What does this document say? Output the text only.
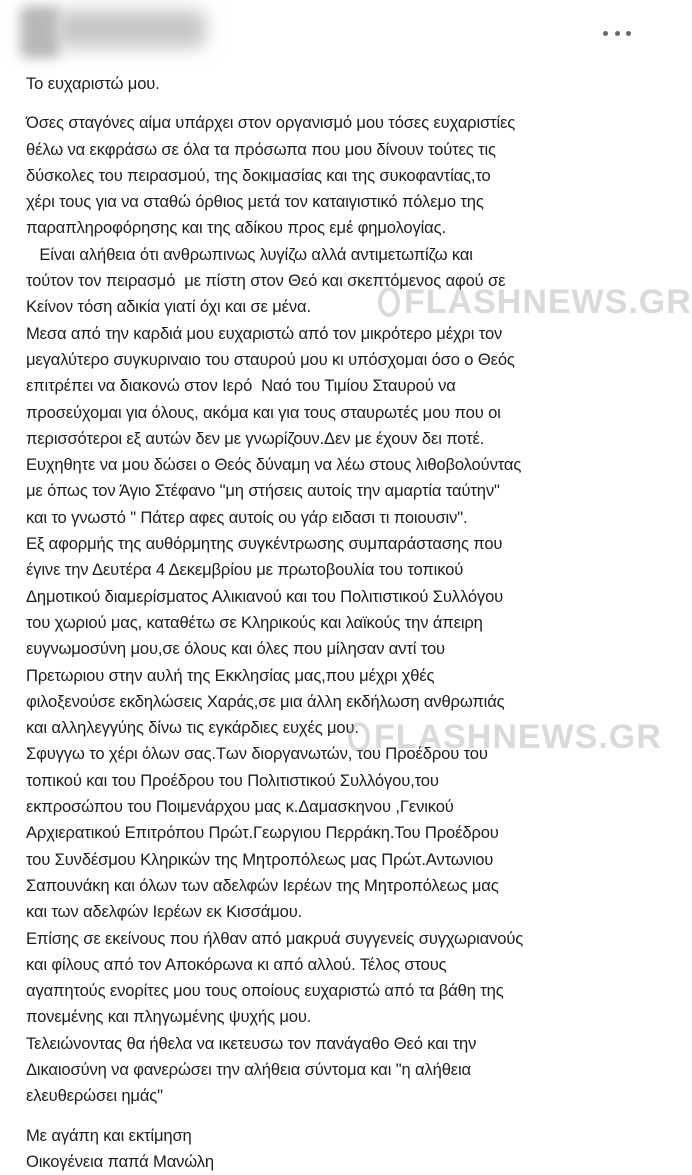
Το ευχαριστώ μου.
Όσες σταγόνες αίμα υπάρχει στον οργανισμό μου τόσες ευχαριστίες
θέλω να εκφράσω σε όλα τα πρόσωπα που μου δίνουν τούτες τις
δύσκολες του πειρασμού, της δοκιμασίας και της συκοφαντίας,το
χέρι τους για να σταθώ όρθιος μετά τον καταιγιστικό πόλεμο της
παραπληροφόρησης και της αδίκου προς εμέ φημολογίας.
Είναι αλήθεια ότι ανθρωπινως λυγίζω αλλά αντιμετωπίζω και
τούτον τον πειρασμό  με πίστη στον Θεό και σκεπτόμενος αφού σε
Κείνον τόση αδικία γιατί όχι και σε μένα.
Μεσα από την καρδιά μου ευχαριστώ από τον μικρότερο μέχρι τον
μεγαλύτερο συγκυριναιο του σταυρού μου κι υπόσχομαι όσο ο Θεός
επιτρέπει να διακονώ στον Ιερό  Ναό του Τιμίου Σταυρού να
προσεύχομαι για όλους, ακόμα και για τους σταυρωτές μου που οι
περισσότεροι εξ αυτών δεν με γνωρίζουν.Δεν με έχουν δει ποτέ.
Ευχηθητε να μου δώσει ο Θεός δύναμη να λέω στους λιθοβολούντας
με όπως τον Άγιο Στέφανο "μη στήσεις αυτοίς την αμαρτία ταύτην"
και το γνωστό " Πάτερ αφες αυτοίς ου γάρ ειδασι τι ποιουσιν".
Εξ αφορμής της αυθόρμητης συγκέντρωσης συμπαράστασης που
έγινε την Δευτέρα 4 Δεκεμβρίου με πρωτοβουλία του τοπικού
Δημοτικού διαμερίσματος Αλικιανού και του Πολιτιστικού Συλλόγου
του χωριού μας, καταθέτω σε Κληρικούς και λαϊκούς την άπειρη
ευγνωμοσύνη μου,σε όλους και όλες που μίλησαν αντί του
Πρετωριου στην αυλή της Εκκλησίας μας,που μέχρι χθές
φιλοξενούσε εκδηλώσεις Χαράς,σε μια άλλη εκδήλωση ανθρωπιάς
και αλληλεγγύης δίνω τις εγκάρδιες ευχές μου.
Σφυγγω το χέρι όλων σας.Των διοργανωτών, του Προέδρου του
τοπικού και του Προέδρου του Πολιτιστικού Συλλόγου,του
εκπροσώπου του Ποιμενάρχου μας κ.Δαμασκηνου ,Γενικού
Αρχιερατικού Επιτρόπου Πρώτ.Γεωργιου Περράκη.Του Προέδρου
του Συνδέσμου Κληρικών της Μητροπόλεως μας Πρώτ.Αντωνιου
Σαπουνάκη και όλων των αδελφών Ιερέων της Μητροπόλεως μας
και των αδελφών Ιερέων εκ Κισσάμου.
Επίσης σε εκείνους που ήλθαν από μακρυά συγγενείς συγχωριανούς
και φίλους από τον Αποκόρωνα κι από αλλού. Τέλος στους
αγαπητούς ενορίτες μου τους οποίους ευχαριστώ από τα βάθη της
πονεμένης και πληγωμένης ψυχής μου.
Τελειώνοντας θα ήθελα να ικετευσω τον πανάγαθο Θεό και την
Δικαιοσύνη να φανερώσει την αλήθεια σύντομα και "η αλήθεια
ελευθερώσει ημάς"
Με αγάπη και εκτίμηση
Οικογένεια παπά Μανώλη
FLASHNEWS.GR
FLASHNEWS.GR
